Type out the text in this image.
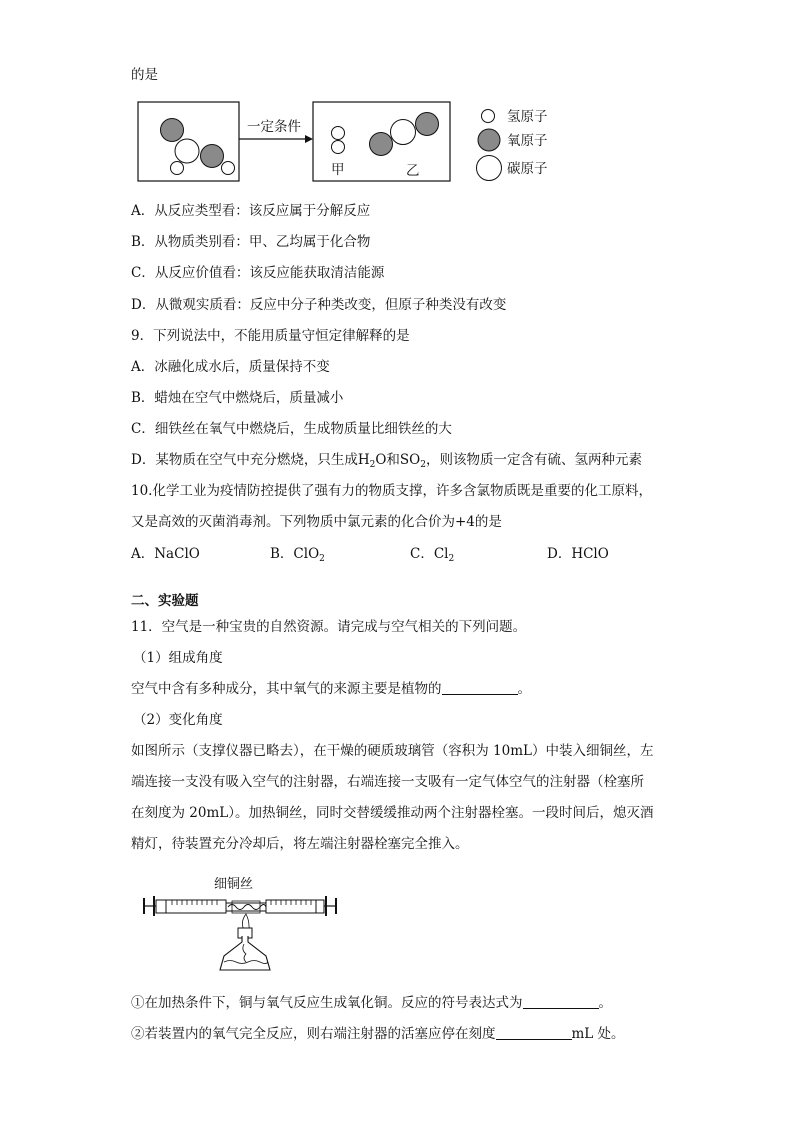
的是
一定条件
甲	乙
氢原子
氧原子
碳原子
A．从反应类型看：该反应属于分解反应
B．从物质类别看：甲、乙均属于化合物
C．从反应价值看：该反应能获取清洁能源
D．从微观实质看：反应中分子种类改变，但原子种类没有改变
9．下列说法中，不能用质量守恒定律解释的是
A．冰融化成水后，质量保持不变
B．蜡烛在空气中燃烧后，质量减小
C．细铁丝在氧气中燃烧后，生成物质量比细铁丝的大
D．某物质在空气中充分燃烧，只生成$H_2O$和$SO_2$，则该物质一定含有硫、氢两种元素
10.化学工业为疫情防控提供了强有力的物质支撑，许多含氯物质既是重要的化工原料，
又是高效的灭菌消毒剂。下列物质中氯元素的化合价为+4的是
A．NaClO	B．ClO$_2$	C．$Cl_2$	D．HClO
二、实验题
11．空气是一种宝贵的自然资源。请完成与空气相关的下列问题。
（1）组成角度
空气中含有多种成分，其中氧气的来源主要是植物的	。
（2）变化角度
如图所示（支撑仪器已略去），在干燥的硬质玻璃管（容积为 10mL）中装入细铜丝，左
端连接一支没有吸入空气的注射器，右端连接一支吸有一定气体空气的注射器（栓塞所
在刻度为 20mL）。加热铜丝，同时交替缓缓推动两个注射器栓塞。一段时间后，熄灭酒
精灯，待装置充分冷却后，将左端注射器栓塞完全推入。
细铜丝
①在加热条件下，铜与氧气反应生成氧化铜。反应的符号表达式为	。
②若装置内的氧气完全反应，则右端注射器的活塞应停在刻度	mL 处。
